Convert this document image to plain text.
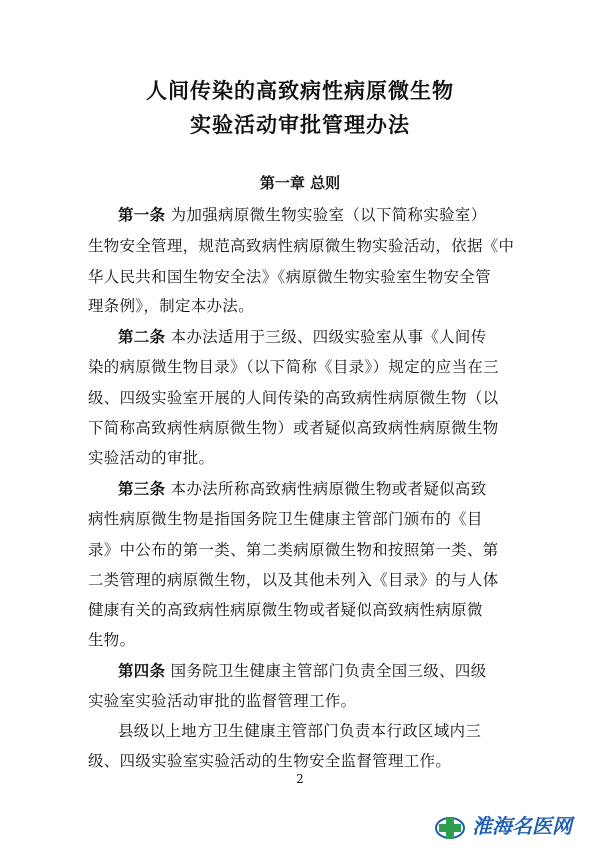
人间传染的高致病性病原微生物
实验活动审批管理办法
第一章 总则
第一条 为加强病原微生物实验室（以下简称实验室）
生物安全管理，规范高致病性病原微生物实验活动，依据《中
华人民共和国生物安全法》《病原微生物实验室生物安全管
理条例》，制定本办法。
第二条 本办法适用于三级、四级实验室从事《人间传
染的病原微生物目录》（以下简称《目录》）规定的应当在三
级、四级实验室开展的人间传染的高致病性病原微生物（以
下简称高致病性病原微生物）或者疑似高致病性病原微生物
实验活动的审批。
第三条 本办法所称高致病性病原微生物或者疑似高致
病性病原微生物是指国务院卫生健康主管部门颁布的《目
录》中公布的第一类、第二类病原微生物和按照第一类、第
二类管理的病原微生物，以及其他未列入《目录》的与人体
健康有关的高致病性病原微生物或者疑似高致病性病原微
生物。
第四条 国务院卫生健康主管部门负责全国三级、四级
实验室实验活动审批的监督管理工作。
县级以上地方卫生健康主管部门负责本行政区域内三
级、四级实验室实验活动的生物安全监督管理工作。
2
淮海名医网
